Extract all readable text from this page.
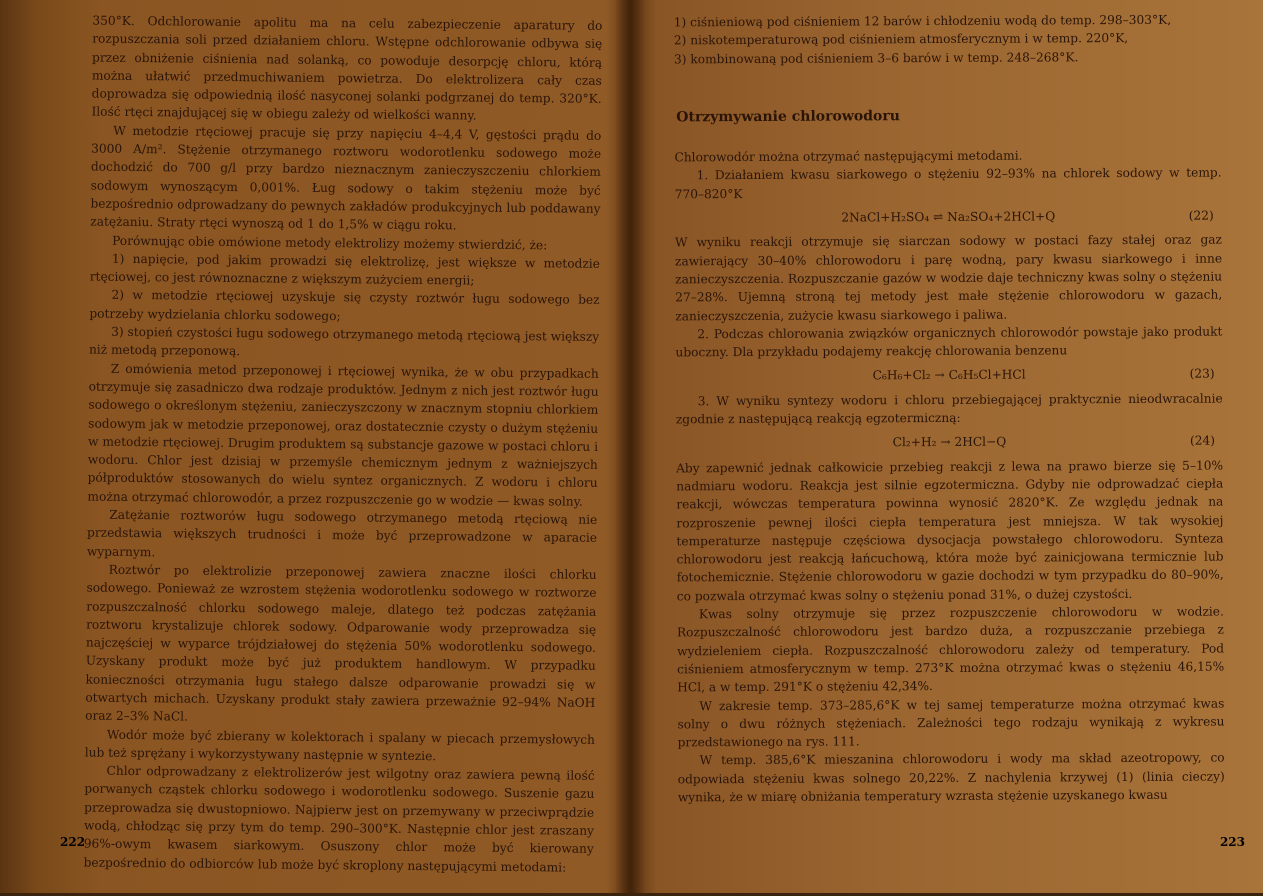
350°K. Odchlorowanie apolitu ma na celu zabezpieczenie aparatury do rozpuszczania soli przed działaniem chloru. Wstępne odchlorowanie odbywa się przez obniżenie ciśnienia nad solanką, co powoduje desorpcję chloru, którą można ułatwić przedmuchiwaniem powietrza. Do elektrolizera cały czas doprowadza się odpowiednią ilość nasyconej solanki podgrzanej do temp. 320°K. Ilość rtęci znajdującej się w obiegu zależy od wielkości wanny.

W metodzie rtęciowej pracuje się przy napięciu 4–4,4 V, gęstości prądu do 3000 A/m². Stężenie otrzymanego roztworu wodorotlenku sodowego może dochodzić do 700 g/l przy bardzo nieznacznym zanieczyszczeniu chlorkiem sodowym wynoszącym 0,001%. Ług sodowy o takim stężeniu może być bezpośrednio odprowadzany do pewnych zakładów produkcyjnych lub poddawany zatężaniu. Straty rtęci wynoszą od 1 do 1,5% w ciągu roku.

Porównując obie omówione metody elektrolizy możemy stwierdzić, że:

1) napięcie, pod jakim prowadzi się elektrolizę, jest większe w metodzie rtęciowej, co jest równoznaczne z większym zużyciem energii;

2) w metodzie rtęciowej uzyskuje się czysty roztwór ługu sodowego bez potrzeby wydzielania chlorku sodowego;

3) stopień czystości ługu sodowego otrzymanego metodą rtęciową jest większy niż metodą przeponową.

Z omówienia metod przeponowej i rtęciowej wynika, że w obu przypadkach otrzymuje się zasadniczo dwa rodzaje produktów. Jednym z nich jest roztwór ługu sodowego o określonym stężeniu, zanieczyszczony w znacznym stopniu chlorkiem sodowym jak w metodzie przeponowej, oraz dostatecznie czysty o dużym stężeniu w metodzie rtęciowej. Drugim produktem są substancje gazowe w postaci chloru i wodoru. Chlor jest dzisiaj w przemyśle chemicznym jednym z ważniejszych półproduktów stosowanych do wielu syntez organicznych. Z wodoru i chloru można otrzymać chlorowodór, a przez rozpuszczenie go w wodzie — kwas solny.

Zatężanie roztworów ługu sodowego otrzymanego metodą rtęciową nie przedstawia większych trudności i może być przeprowadzone w aparacie wyparnym.

Roztwór po elektrolizie przeponowej zawiera znaczne ilości chlorku sodowego. Ponieważ ze wzrostem stężenia wodorotlenku sodowego w roztworze rozpuszczalność chlorku sodowego maleje, dlatego też podczas zatężania roztworu krystalizuje chlorek sodowy. Odparowanie wody przeprowadza się najczęściej w wyparce trójdziałowej do stężenia 50% wodorotlenku sodowego. Uzyskany produkt może być już produktem handlowym. W przypadku konieczności otrzymania ługu stałego dalsze odparowanie prowadzi się w otwartych michach. Uzyskany produkt stały zawiera przeważnie 92–94% NaOH oraz 2–3% NaCl.

Wodór może być zbierany w kolektorach i spalany w piecach przemysłowych lub też sprężany i wykorzystywany następnie w syntezie.

Chlor odprowadzany z elektrolizerów jest wilgotny oraz zawiera pewną ilość porwanych cząstek chlorku sodowego i wodorotlenku sodowego. Suszenie gazu przeprowadza się dwustopniowo. Najpierw jest on przemywany w przeciwprądzie wodą, chłodząc się przy tym do temp. 290–300°K. Następnie chlor jest zraszany 96%-owym kwasem siarkowym. Osuszony chlor może być kierowany bezpośrednio do odbiorców lub może być skroplony następującymi metodami:

222

1) ciśnieniową pod ciśnieniem 12 barów i chłodzeniu wodą do temp. 298–303°K,

2) niskotemperaturową pod ciśnieniem atmosferycznym i w temp. 220°K,

3) kombinowaną pod ciśnieniem 3–6 barów i w temp. 248–268°K.

Otrzymywanie chlorowodoru

Chlorowodór można otrzymać następującymi metodami.

1. Działaniem kwasu siarkowego o stężeniu 92–93% na chlorek sodowy w temp. 770–820°K

2NaCl+H₂SO₄ ⇌ Na₂SO₄+2HCl+Q	(22)

W wyniku reakcji otrzymuje się siarczan sodowy w postaci fazy stałej oraz gaz zawierający 30–40% chlorowodoru i parę wodną, pary kwasu siarkowego i inne zanieczyszczenia. Rozpuszczanie gazów w wodzie daje techniczny kwas solny o stężeniu 27–28%. Ujemną stroną tej metody jest małe stężenie chlorowodoru w gazach, zanieczyszczenia, zużycie kwasu siarkowego i paliwa.

2. Podczas chlorowania związków organicznych chlorowodór powstaje jako produkt uboczny. Dla przykładu podajemy reakcję chlorowania benzenu

C₆H₆+Cl₂ → C₆H₅Cl+HCl	(23)

3. W wyniku syntezy wodoru i chloru przebiegającej praktycznie nieodwracalnie zgodnie z następującą reakcją egzotermiczną:

Cl₂+H₂ → 2HCl−Q	(24)

Aby zapewnić jednak całkowicie przebieg reakcji z lewa na prawo bierze się 5–10% nadmiaru wodoru. Reakcja jest silnie egzotermiczna. Gdyby nie odprowadzać ciepła reakcji, wówczas temperatura powinna wynosić 2820°K. Ze względu jednak na rozproszenie pewnej ilości ciepła temperatura jest mniejsza. W tak wysokiej temperaturze następuje częściowa dysocjacja powstałego chlorowodoru. Synteza chlorowodoru jest reakcją łańcuchową, która może być zainicjowana termicznie lub fotochemicznie. Stężenie chlorowodoru w gazie dochodzi w tym przypadku do 80–90%, co pozwala otrzymać kwas solny o stężeniu ponad 31%, o dużej czystości.

Kwas solny otrzymuje się przez rozpuszczenie chlorowodoru w wodzie. Rozpuszczalność chlorowodoru jest bardzo duża, a rozpuszczanie przebiega z wydzieleniem ciepła. Rozpuszczalność chlorowodoru zależy od temperatury. Pod ciśnieniem atmosferycznym w temp. 273°K można otrzymać kwas o stężeniu 46,15% HCl, a w temp. 291°K o stężeniu 42,34%.

W zakresie temp. 373–285,6°K w tej samej temperaturze można otrzymać kwas solny o dwu różnych stężeniach. Zależności tego rodzaju wynikają z wykresu przedstawionego na rys. 111.

W temp. 385,6°K mieszanina chlorowodoru i wody ma skład azeotropowy, co odpowiada stężeniu kwas solnego 20,22%. Z nachylenia krzywej (1) (linia cieczy) wynika, że w miarę obniżania temperatury wzrasta stężenie uzyskanego kwasu

223
